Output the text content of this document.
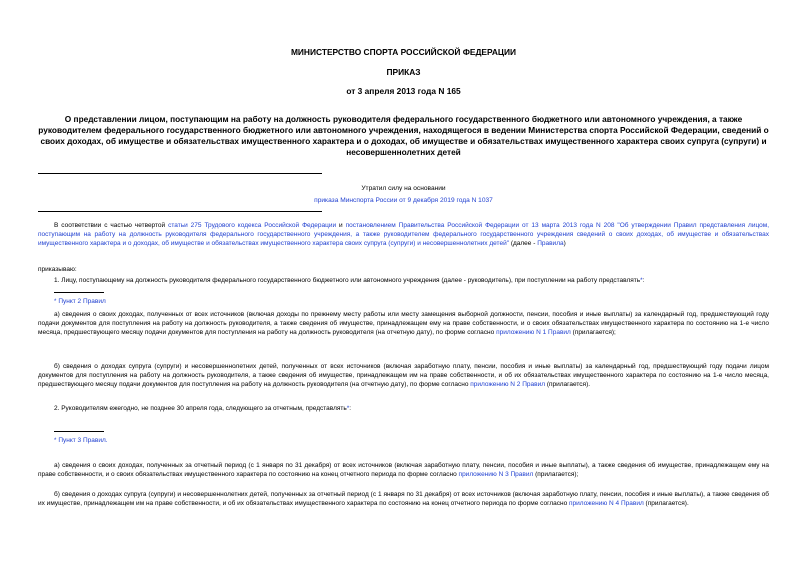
МИНИСТЕРСТВО СПОРТА РОССИЙСКОЙ ФЕДЕРАЦИИ
ПРИКАЗ
от 3 апреля 2013 года N 165
О представлении лицом, поступающим на работу на должность руководителя федерального государственного бюджетного или автономного учреждения, а также руководителем федерального государственного бюджетного или автономного учреждения, находящегося в ведении Министерства спорта Российской Федерации, сведений о своих доходах, об имуществе и обязательствах имущественного характера и о доходах, об имуществе и обязательствах имущественного характера своих супруга (супруги) и несовершеннолетних детей
Утратил силу на основании
приказа Минспорта России от 9 декабря 2019 года N 1037
В соответствии с частью четвертой статьи 275 Трудового кодекса Российской Федерации и постановлением Правительства Российской Федерации от 13 марта 2013 года N 208 "Об утверждении Правил представления лицом, поступающим на работу на должность руководителя федерального государственного учреждения, а также руководителем федерального государственного учреждения сведений о своих доходах, об имуществе и обязательствах имущественного характера и о доходах, об имуществе и обязательствах имущественного характера своих супруга (супруги) и несовершеннолетних детей" (далее - Правила)
приказываю:
1. Лицу, поступающему на должность руководителя федерального государственного бюджетного или автономного учреждения (далее - руководитель), при поступлении на работу представлять*:
* Пункт 2 Правил
а) сведения о своих доходах, полученных от всех источников (включая доходы по прежнему месту работы или месту замещения выборной должности, пенсии, пособия и иные выплаты) за календарный год, предшествующий году подачи документов для поступления на работу на должность руководителя, а также сведения об имуществе, принадлежащем ему на праве собственности, и о своих обязательствах имущественного характера по состоянию на 1-е число месяца, предшествующего месяцу подачи документов для поступления на работу на должность руководителя (на отчетную дату), по форме согласно приложению N 1 Правил (прилагается);
б) сведения о доходах супруга (супруги) и несовершеннолетних детей, полученных от всех источников (включая заработную плату, пенсии, пособия и иные выплаты) за календарный год, предшествующий году подачи лицом документов для поступления на работу на должность руководителя, а также сведения об имуществе, принадлежащем им на праве собственности, и об их обязательствах имущественного характера по состоянию на 1-е число месяца, предшествующего месяцу подачи документов для поступления на работу на должность руководителя (на отчетную дату), по форме согласно приложению N 2 Правил (прилагается).
2. Руководителям ежегодно, не позднее 30 апреля года, следующего за отчетным, представлять*:
* Пункт 3 Правил.
а) сведения о своих доходах, полученных за отчетный период (с 1 января по 31 декабря) от всех источников (включая заработную плату, пенсии, пособия и иные выплаты), а также сведения об имуществе, принадлежащем ему на праве собственности, и о своих обязательствах имущественного характера по состоянию на конец отчетного периода по форме согласно приложению N 3 Правил (прилагается);
б) сведения о доходах супруга (супруги) и несовершеннолетних детей, полученных за отчетный период (с 1 января по 31 декабря) от всех источников (включая заработную плату, пенсии, пособия и иные выплаты), а также сведения об их имуществе, принадлежащем им на праве собственности, и об их обязательствах имущественного характера по состоянию на конец отчетного периода по форме согласно приложению N 4 Правил (прилагается).
